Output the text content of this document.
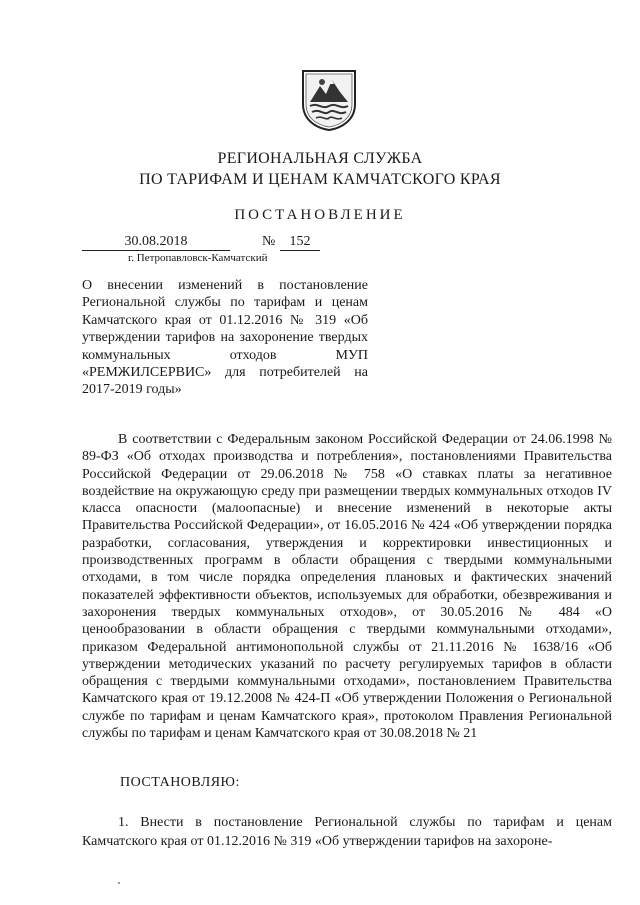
РЕГИОНАЛЬНАЯ СЛУЖБА
ПО ТАРИФАМ И ЦЕНАМ КАМЧАТСКОГО КРАЯ
ПОСТАНОВЛЕНИЕ
30.08.2018	№	152
г. Петропавловск-Камчатский
О внесении изменений в постановление Региональной службы по тарифам и ценам Камчатского края от 01.12.2016 № 319 «Об утверждении тарифов на захоронение твердых коммунальных отходов МУП «РЕМЖИЛСЕРВИС» для потребителей на 2017-2019 годы»
В соответствии с Федеральным законом Российской Федерации от 24.06.1998 № 89-ФЗ «Об отходах производства и потребления», постановлениями Правительства Российской Федерации от 29.06.2018 № 758 «О ставках платы за негативное воздействие на окружающую среду при размещении твердых коммунальных отходов IV класса опасности (малоопасные) и внесение изменений в некоторые акты Правительства Российской Федерации», от 16.05.2016 № 424 «Об утверждении порядка разработки, согласования, утверждения и корректировки инвестиционных и производственных программ в области обращения с твердыми коммунальными отходами, в том числе порядка определения плановых и фактических значений показателей эффективности объектов, используемых для обработки, обезвреживания и захоронения твердых коммунальных отходов», от 30.05.2016 № 484 «О ценообразовании в области обращения с твердыми коммунальными отходами», приказом Федеральной антимонопольной службы от 21.11.2016 № 1638/16 «Об утверждении методических указаний по расчету регулируемых тарифов в области обращения с твердыми коммунальными отходами», постановлением Правительства Камчатского края от 19.12.2008 № 424-П «Об утверждении Положения о Региональной службе по тарифам и ценам Камчатского края», протоколом Правления Региональной службы по тарифам и ценам Камчатского края от 30.08.2018 № 21
ПОСТАНОВЛЯЮ:
1. Внести в постановление Региональной службы по тарифам и ценам Камчатского края от 01.12.2016 № 319 «Об утверждении тарифов на захороне-
